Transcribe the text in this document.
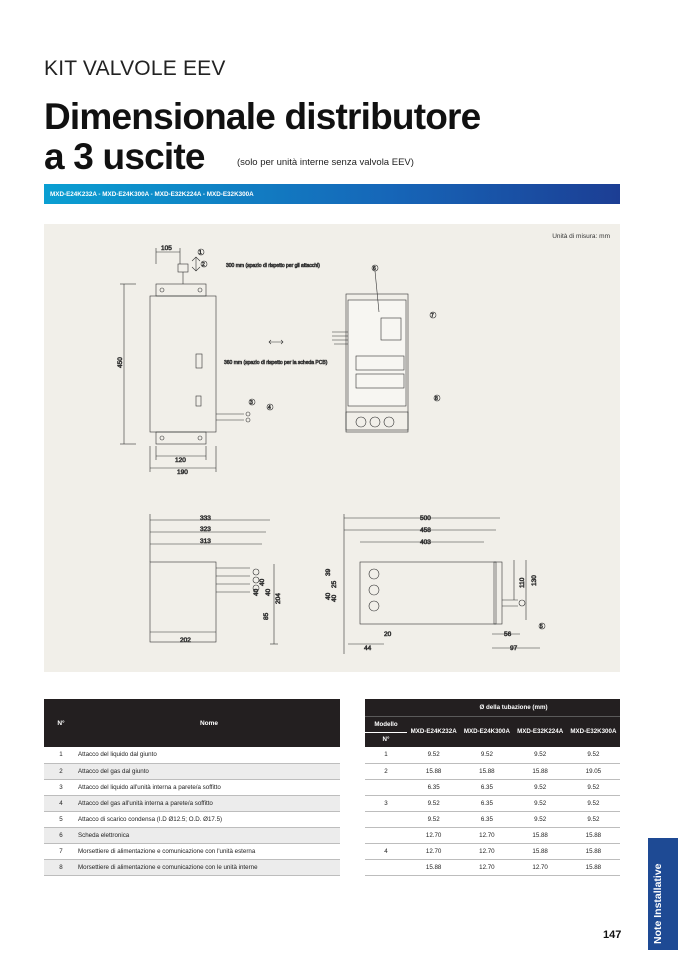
KIT VALVOLE EEV
Dimensionale distributore
a 3 uscite	(solo per unità interne senza valvola EEV)
MXD-E24K232A - MXD-E24K300A - MXD-E32K224A - MXD-E32K300A
Unità di misura: mm
105
450
120
190
300 mm (spazio di rispetto per gli attacchi)
360 mm (spazio di rispetto per la scheda PCB)
333
323
313
204
85
202
40
40
40
500
458
403
39
25
40 40
130
110
20	56
44	97
1
2
3
4
5
6
7
8
N°	Nome
1	Attacco del liquido dal giunto
2	Attacco del gas dal giunto
3	Attacco del liquido all'unità interna a parete/a soffitto
4	Attacco del gas all'unità interna a parete/a soffitto
5	Attacco di scarico condensa (I.D Ø12.5; O.D. Ø17.5)
6	Scheda elettronica
7	Morsettiere di alimentazione e comunicazione con l'unità esterna
8	Morsettiere di alimentazione e comunicazione con le unità interne
	Ø della tubazione (mm)			
Modello	MXD-E24K232A	MXD-E24K300A	MXD-E32K224A	MXD-E32K300A
N°				
1	9.52	9.52	9.52	9.52
2	15.88	15.88	15.88	19.05
	6.35	6.35	9.52	9.52
3	9.52	6.35	9.52	9.52
	9.52	6.35	9.52	9.52
	12.70	12.70	15.88	15.88
4	12.70	12.70	15.88	15.88
	15.88	12.70	12.70	15.88	Note Installative
147
